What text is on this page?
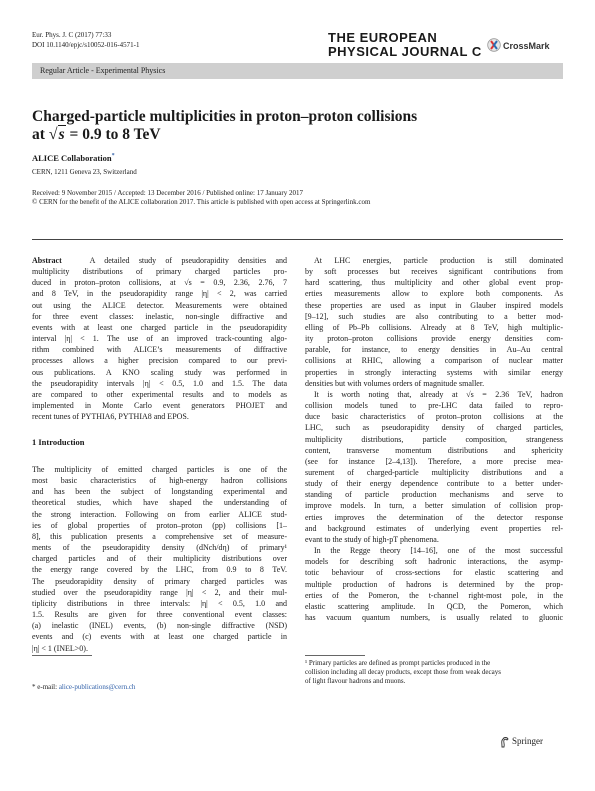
Eur. Phys. J. C (2017) 77:33
DOI 10.1140/epjc/s10052-016-4571-1	THE EUROPEAN
PHYSICAL JOURNAL C CrossMark
Regular Article - Experimental Physics
Charged-particle multiplicities in proton–proton collisions
at √s = 0.9 to 8 TeV
ALICE Collaboration*
CERN, 1211 Geneva 23, Switzerland
Received: 9 November 2015 / Accepted: 13 December 2016 / Published online: 17 January 2017
© CERN for the benefit of the ALICE collaboration 2017. This article is published with open access at Springerlink.com
Abstract	A detailed study of pseudorapidity densities and
multiplicity distributions of primary charged particles pro-
duced in proton–proton collisions, at √s = 0.9, 2.36, 2.76, 7
and 8 TeV, in the pseudorapidity range |η| < 2, was carried
out using the ALICE detector. Measurements were obtained
for three event classes: inelastic, non-single diffractive and
events with at least one charged particle in the pseudorapidity
interval |η| < 1. The use of an improved track-counting algo-
rithm combined with ALICE’s measurements of diffractive
processes allows a higher precision compared to our previ-
ous publications. A KNO scaling study was performed in
the pseudorapidity intervals |η| < 0.5, 1.0 and 1.5. The data
are compared to other experimental results and to models as
implemented in Monte Carlo event generators PHOJET and
recent tunes of PYTHIA6, PYTHIA8 and EPOS.
1 Introduction
The multiplicity of emitted charged particles is one of the
most basic characteristics of high-energy hadron collisions
and has been the subject of longstanding experimental and
theoretical studies, which have shaped the understanding of
the strong interaction. Following on from earlier ALICE stud-
ies of global properties of proton–proton (pp) collisions [1–
8], this publication presents a comprehensive set of measure-
ments of the pseudorapidity density (dNch/dη) of primary¹
charged particles and of their multiplicity distributions over
the energy range covered by the LHC, from 0.9 to 8 TeV.
The pseudorapidity density of primary charged particles was
studied over the pseudorapidity range |η| < 2, and their mul-
tiplicity distributions in three intervals: |η| < 0.5, 1.0 and
1.5. Results are given for three conventional event classes:
(a) inelastic (INEL) events, (b) non-single diffractive (NSD)
events and (c) events with at least one charged particle in
|η| < 1 (INEL>0).
At LHC energies, particle production is still dominated
by soft processes but receives significant contributions from
hard scattering, thus multiplicity and other global event prop-
erties measurements allow to explore both components. As
these properties are used as input in Glauber inspired models
[9–12], such studies are also contributing to a better mod-
elling of Pb–Pb collisions. Already at 8 TeV, high multiplic-
ity proton–proton collisions provide energy densities com-
parable, for instance, to energy densities in Au–Au central
collisions at RHIC, allowing a comparison of nuclear matter
properties in strongly interacting systems with similar energy
densities but with volumes orders of magnitude smaller.
It is worth noting that, already at √s = 2.36 TeV, hadron
collision models tuned to pre-LHC data failed to repro-
duce basic characteristics of proton–proton collisions at the
LHC, such as pseudorapidity density of charged particles,
multiplicity distributions, particle composition, strangeness
content, transverse momentum distributions and sphericity
(see for instance [2–4,13]). Therefore, a more precise mea-
surement of charged-particle multiplicity distributions and a
study of their energy dependence contribute to a better under-
standing of particle production mechanisms and serve to
improve models. In turn, a better simulation of collision prop-
erties improves the determination of the detector response
and background estimates of underlying event properties rel-
evant to the study of high-pT phenomena.
In the Regge theory [14–16], one of the most successful
models for describing soft hadronic interactions, the asymp-
totic behaviour of cross-sections for elastic scattering and
multiple production of hadrons is determined by the prop-
erties of the Pomeron, the t-channel right-most pole, in the
elastic scattering amplitude. In QCD, the Pomeron, which
has vacuum quantum numbers, is usually related to gluonic
* e-mail: alice-publications@cern.ch
¹ Primary particles are defined as prompt particles produced in the
collision including all decay products, except those from weak decays
of light flavour hadrons and muons.
Springer
